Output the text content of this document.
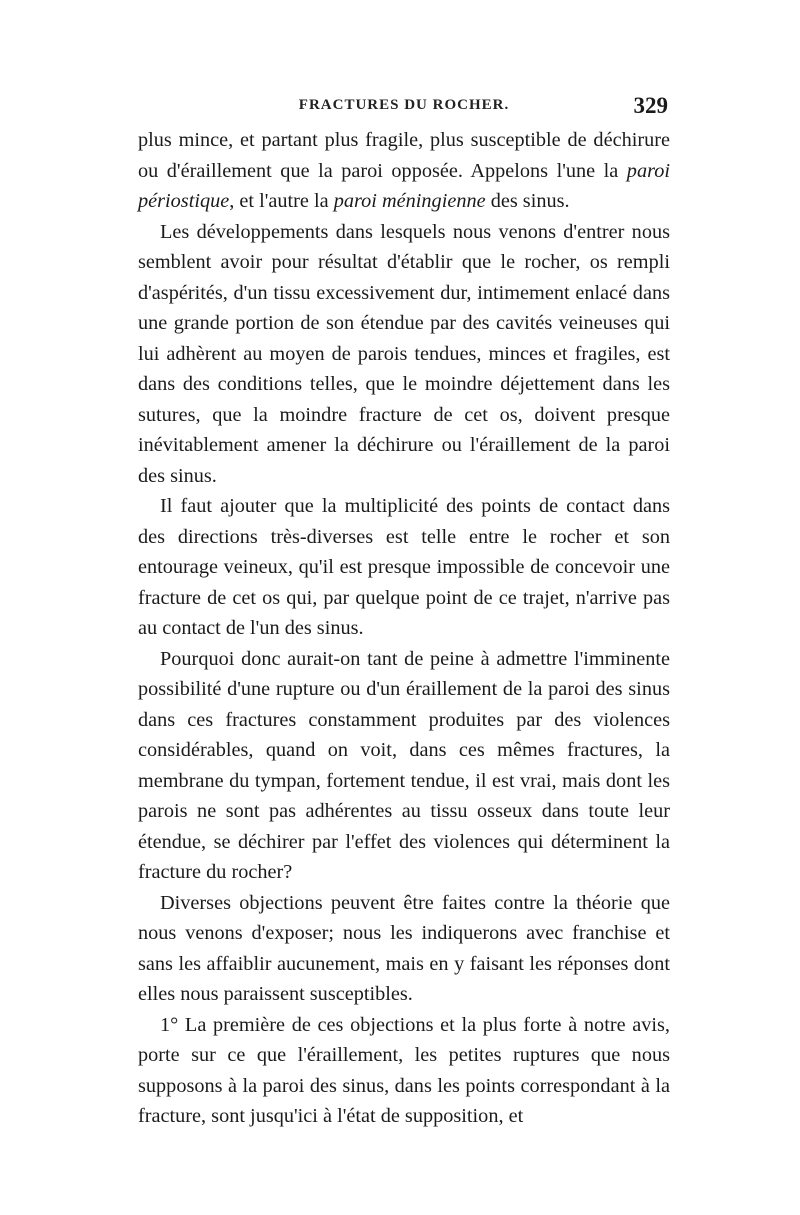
FRACTURES DU ROCHER.	329

plus mince, et partant plus fragile, plus susceptible de déchirure ou d'éraillement que la paroi opposée. Appelons l'une la paroi périostique, et l'autre la paroi méningienne des sinus.

Les développements dans lesquels nous venons d'entrer nous semblent avoir pour résultat d'établir que le rocher, os rempli d'aspérités, d'un tissu excessivement dur, intimement enlacé dans une grande portion de son étendue par des cavités veineuses qui lui adhèrent au moyen de parois tendues, minces et fragiles, est dans des conditions telles, que le moindre déjettement dans les sutures, que la moindre fracture de cet os, doivent presque inévitablement amener la déchirure ou l'éraillement de la paroi des sinus.

Il faut ajouter que la multiplicité des points de contact dans des directions très-diverses est telle entre le rocher et son entourage veineux, qu'il est presque impossible de concevoir une fracture de cet os qui, par quelque point de ce trajet, n'arrive pas au contact de l'un des sinus.

Pourquoi donc aurait-on tant de peine à admettre l'imminente possibilité d'une rupture ou d'un éraillement de la paroi des sinus dans ces fractures constamment produites par des violences considérables, quand on voit, dans ces mêmes fractures, la membrane du tympan, fortement tendue, il est vrai, mais dont les parois ne sont pas adhérentes au tissu osseux dans toute leur étendue, se déchirer par l'effet des violences qui déterminent la fracture du rocher?

Diverses objections peuvent être faites contre la théorie que nous venons d'exposer; nous les indiquerons avec franchise et sans les affaiblir aucunement, mais en y faisant les réponses dont elles nous paraissent susceptibles.

1° La première de ces objections et la plus forte à notre avis, porte sur ce que l'éraillement, les petites ruptures que nous supposons à la paroi des sinus, dans les points correspondant à la fracture, sont jusqu'ici à l'état de supposition, et
